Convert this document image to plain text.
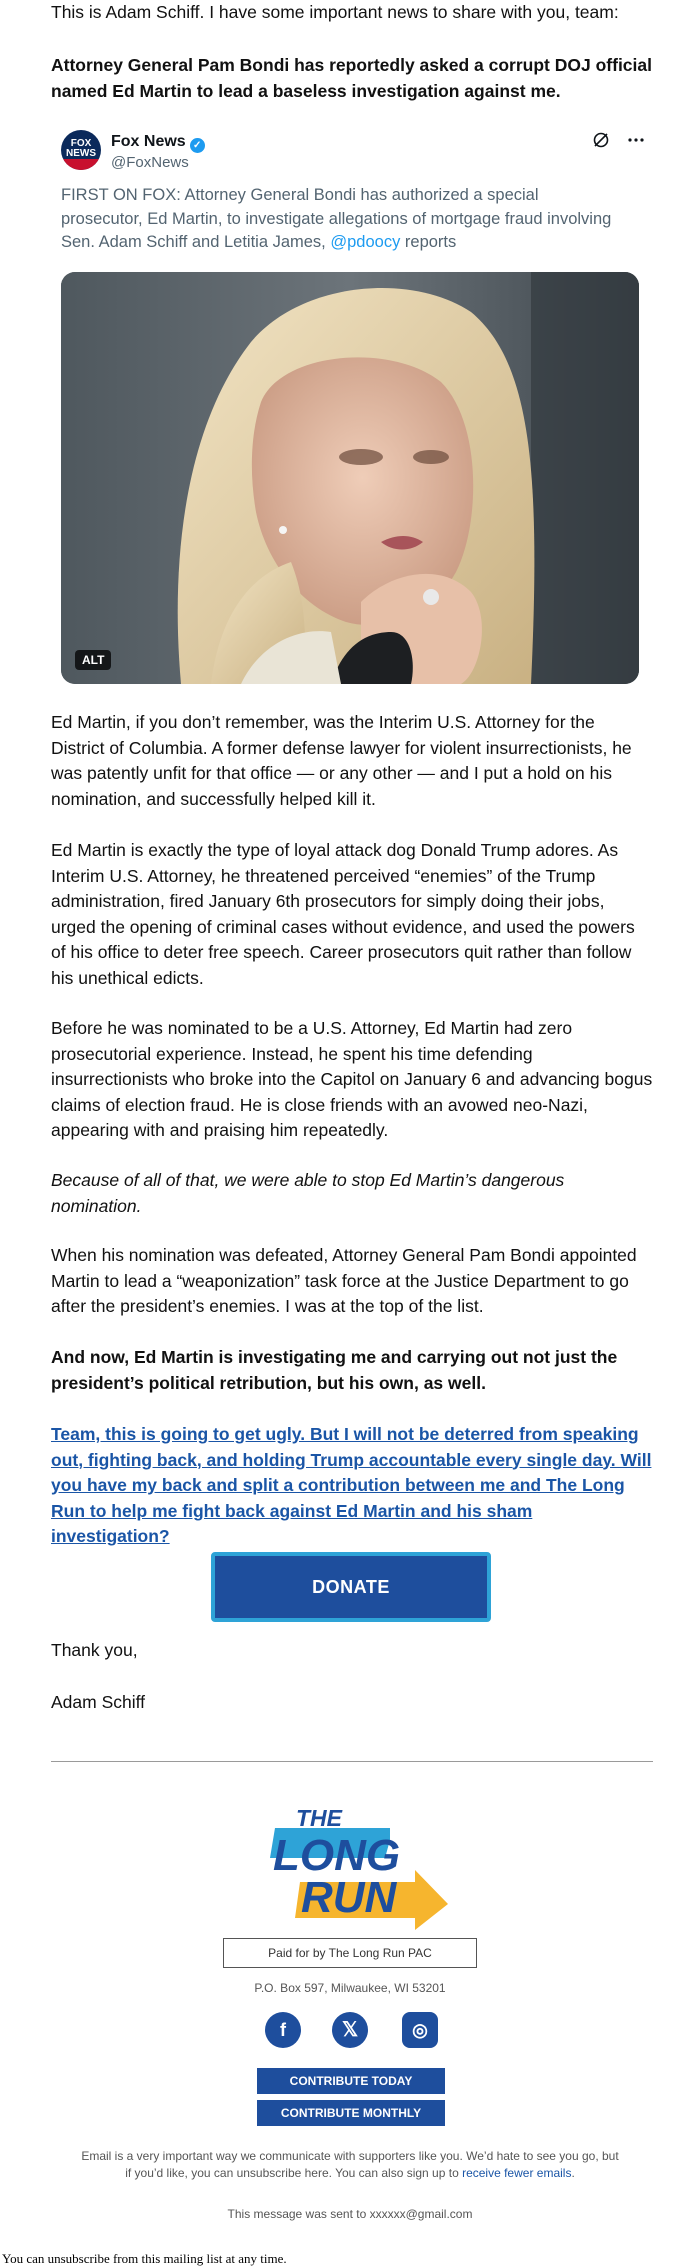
This is Adam Schiff. I have some important news to share with you, team:

Attorney General Pam Bondi has reportedly asked a corrupt DOJ official named Ed Martin to lead a baseless investigation against me.

FOX NEWS
Fox News ✓
@FoxNews

FIRST ON FOX: Attorney General Bondi has authorized a special prosecutor, Ed Martin, to investigate allegations of mortgage fraud involving Sen. Adam Schiff and Letitia James, @pdoocy reports
ALT

Ed Martin, if you don’t remember, was the Interim U.S. Attorney for the District of Columbia. A former defense lawyer for violent insurrectionists, he was patently unfit for that office — or any other — and I put a hold on his nomination, and successfully helped kill it.

Ed Martin is exactly the type of loyal attack dog Donald Trump adores. As Interim U.S. Attorney, he threatened perceived “enemies” of the Trump administration, fired January 6th prosecutors for simply doing their jobs, urged the opening of criminal cases without evidence, and used the powers of his office to deter free speech. Career prosecutors quit rather than follow his unethical edicts.

Before he was nominated to be a U.S. Attorney, Ed Martin had zero prosecutorial experience. Instead, he spent his time defending insurrectionists who broke into the Capitol on January 6 and advancing bogus claims of election fraud. He is close friends with an avowed neo-Nazi, appearing with and praising him repeatedly.

Because of all of that, we were able to stop Ed Martin’s dangerous nomination.

When his nomination was defeated, Attorney General Pam Bondi appointed Martin to lead a “weaponization” task force at the Justice Department to go after the president’s enemies. I was at the top of the list.

And now, Ed Martin is investigating me and carrying out not just the president’s political retribution, but his own, as well.

Team, this is going to get ugly. But I will not be deterred from speaking out, fighting back, and holding Trump accountable every single day. Will you have my back and split a contribution between me and The Long Run to help me fight back against Ed Martin and his sham investigation?

DONATE

Thank you,

Adam Schiff

THE
LONG
RUN
Paid for by The Long Run PAC
P.O. Box 597, Milwaukee, WI 53201
f	𝕏	◎
CONTRIBUTE TODAY
CONTRIBUTE MONTHLY
Email is a very important way we communicate with supporters like you. We’d hate to see you go, but if you’d like, you can unsubscribe here. You can also sign up to receive fewer emails.
This message was sent to xxxxxx@gmail.com
You can unsubscribe from this mailing list at any time.
